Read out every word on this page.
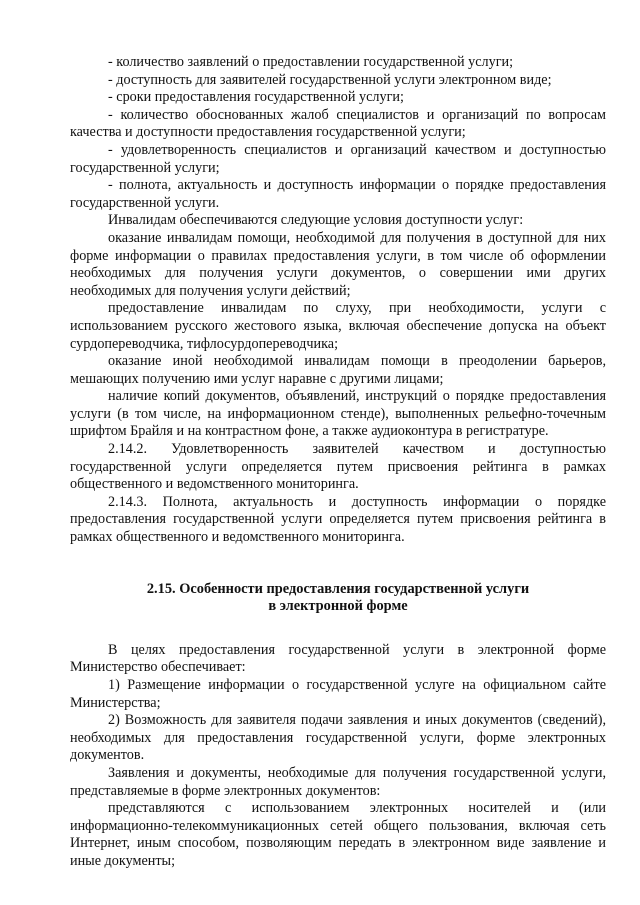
- количество заявлений о предоставлении государственной услуги;

- доступность для заявителей государственной услуги электронном виде;

- сроки предоставления государственной услуги;

- количество обоснованных жалоб специалистов и организаций по вопросам качества и доступности предоставления государственной услуги;

- удовлетворенность специалистов и организаций качеством и доступностью государственной услуги;

- полнота, актуальность и доступность информации о порядке предоставления государственной услуги.

Инвалидам обеспечиваются следующие условия доступности услуг:

оказание инвалидам помощи, необходимой для получения в доступной для них форме информации о правилах предоставления услуги, в том числе об оформлении необходимых для получения услуги документов, о совершении ими других необходимых для получения услуги действий;

предоставление инвалидам по слуху, при необходимости, услуги с использованием русского жестового языка, включая обеспечение допуска на объект сурдопереводчика, тифлосурдопереводчика;

оказание иной необходимой инвалидам помощи в преодолении барьеров, мешающих получению ими услуг наравне с другими лицами;

наличие копий документов, объявлений, инструкций о порядке предоставления услуги (в том числе, на информационном стенде), выполненных рельефно-точечным шрифтом Брайля и на контрастном фоне, а также аудиоконтура в регистратуре.

2.14.2. Удовлетворенность заявителей качеством и доступностью государственной услуги определяется путем присвоения рейтинга в рамках общественного и ведомственного мониторинга.

2.14.3. Полнота, актуальность и доступность информации о порядке предоставления государственной услуги определяется путем присвоения рейтинга в рамках общественного и ведомственного мониторинга.

2.15. Особенности предоставления государственной услуги
в электронной форме

В целях предоставления государственной услуги в электронной форме Министерство обеспечивает:

1) Размещение информации о государственной услуге на официальном сайте Министерства;

2) Возможность для заявителя подачи заявления и иных документов (сведений), необходимых для предоставления государственной услуги, форме электронных документов.

Заявления и документы, необходимые для получения государственной услуги, представляемые в форме электронных документов:

представляются с использованием электронных носителей и (или информационно-телекоммуникационных сетей общего пользования, включая сеть Интернет, иным способом, позволяющим передать в электронном виде заявление и иные документы;
